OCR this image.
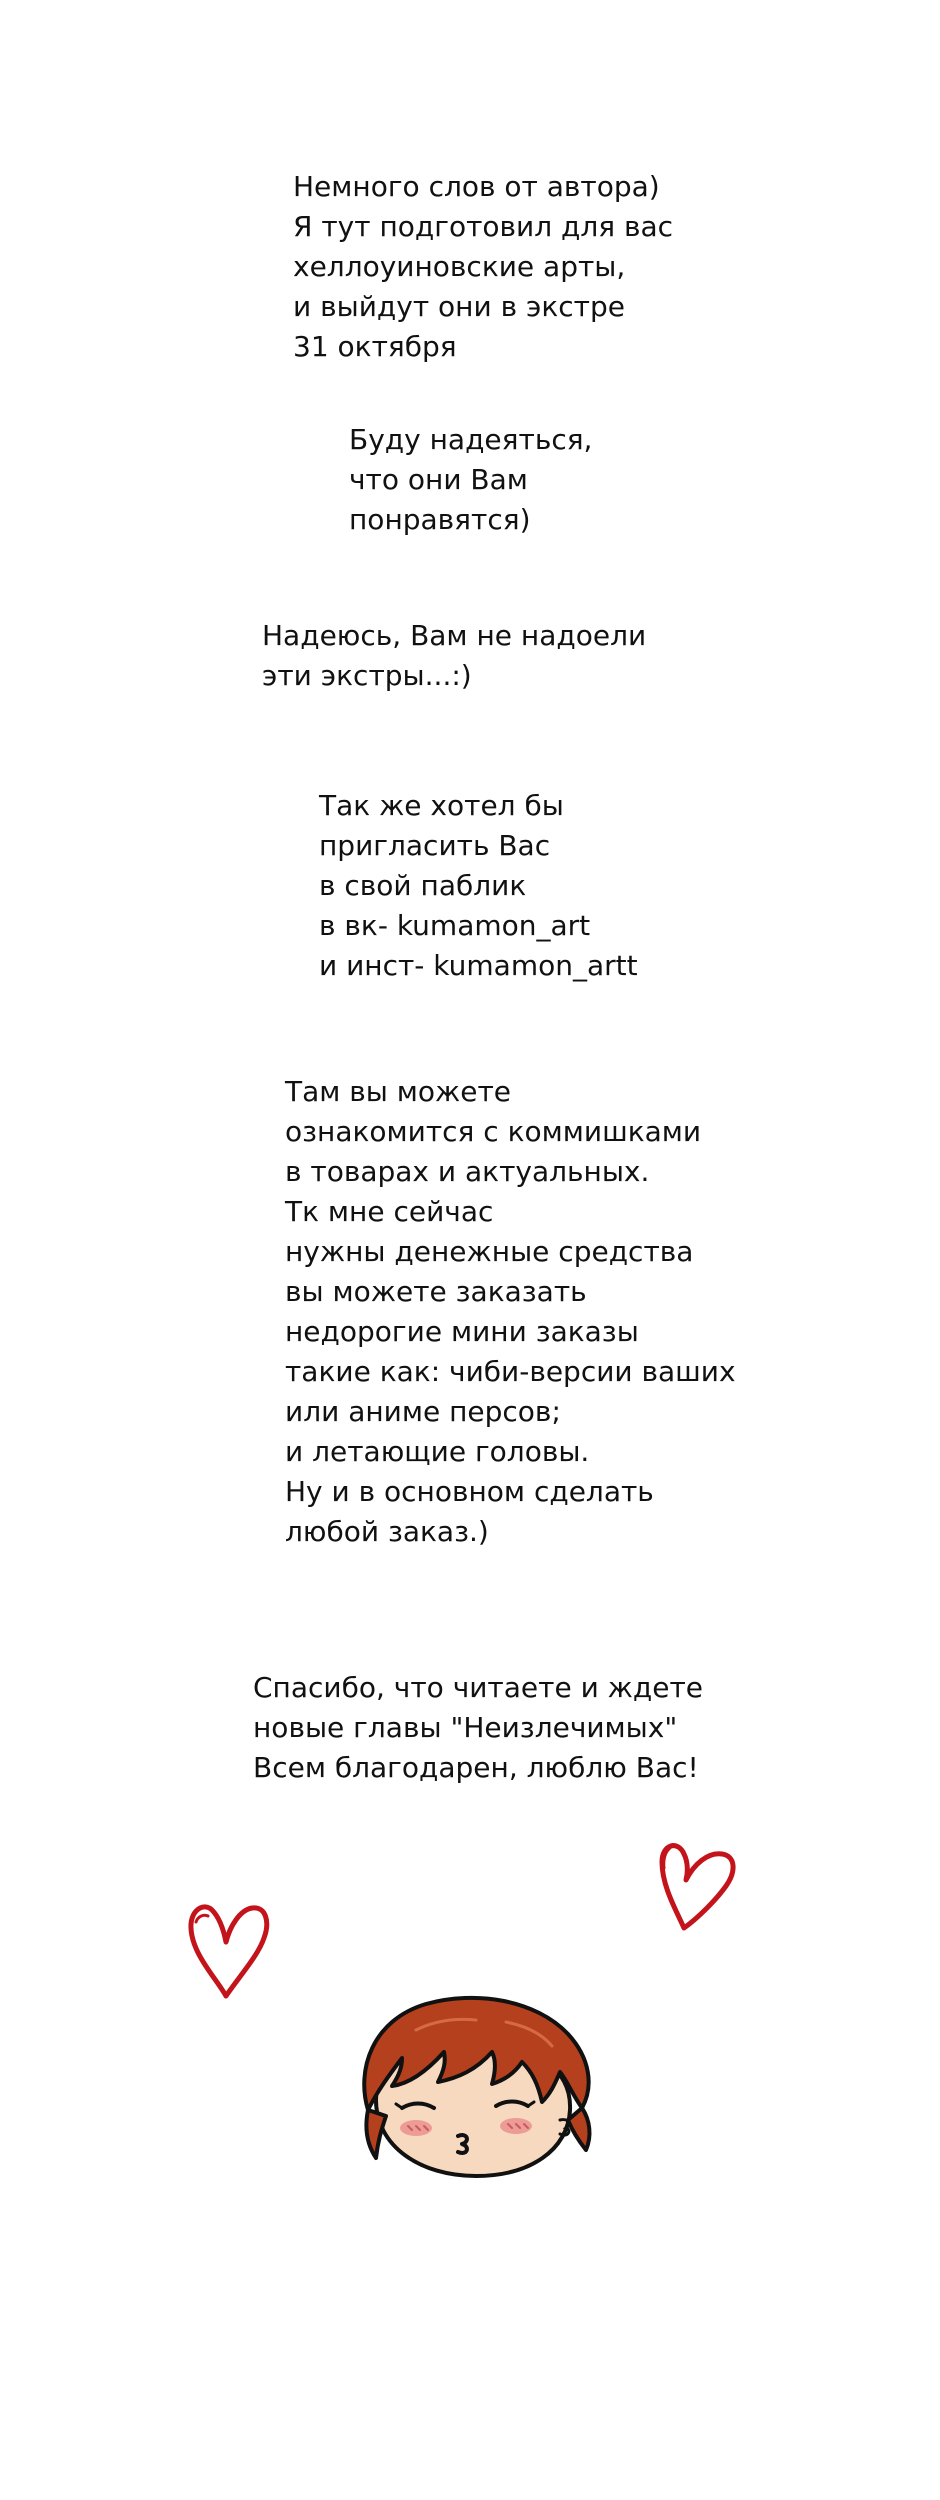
Немного слов от автора)
Я тут подготовил для вас
хеллоуиновские арты,
и выйдут они в экстре
31 октября
Буду надеяться,
что они Вам
понравятся)
Надеюсь, Вам не надоели
эти экстры...:)
Так же хотел бы
пригласить Вас
в свой паблик
в вк- kumamon_art
и инст- kumamon_artt
Там вы можете
ознакомится с коммишками
в товарах и актуальных.
Тк мне сейчас
нужны денежные средства
вы можете заказать
недорогие мини заказы
такие как: чиби-версии ваших
или аниме персов;
и летающие головы.
Ну и в основном сделать
любой заказ.)
Спасибо, что читаете и ждете
новые главы "Неизлечимых"
Всем благодарен, люблю Вас!
